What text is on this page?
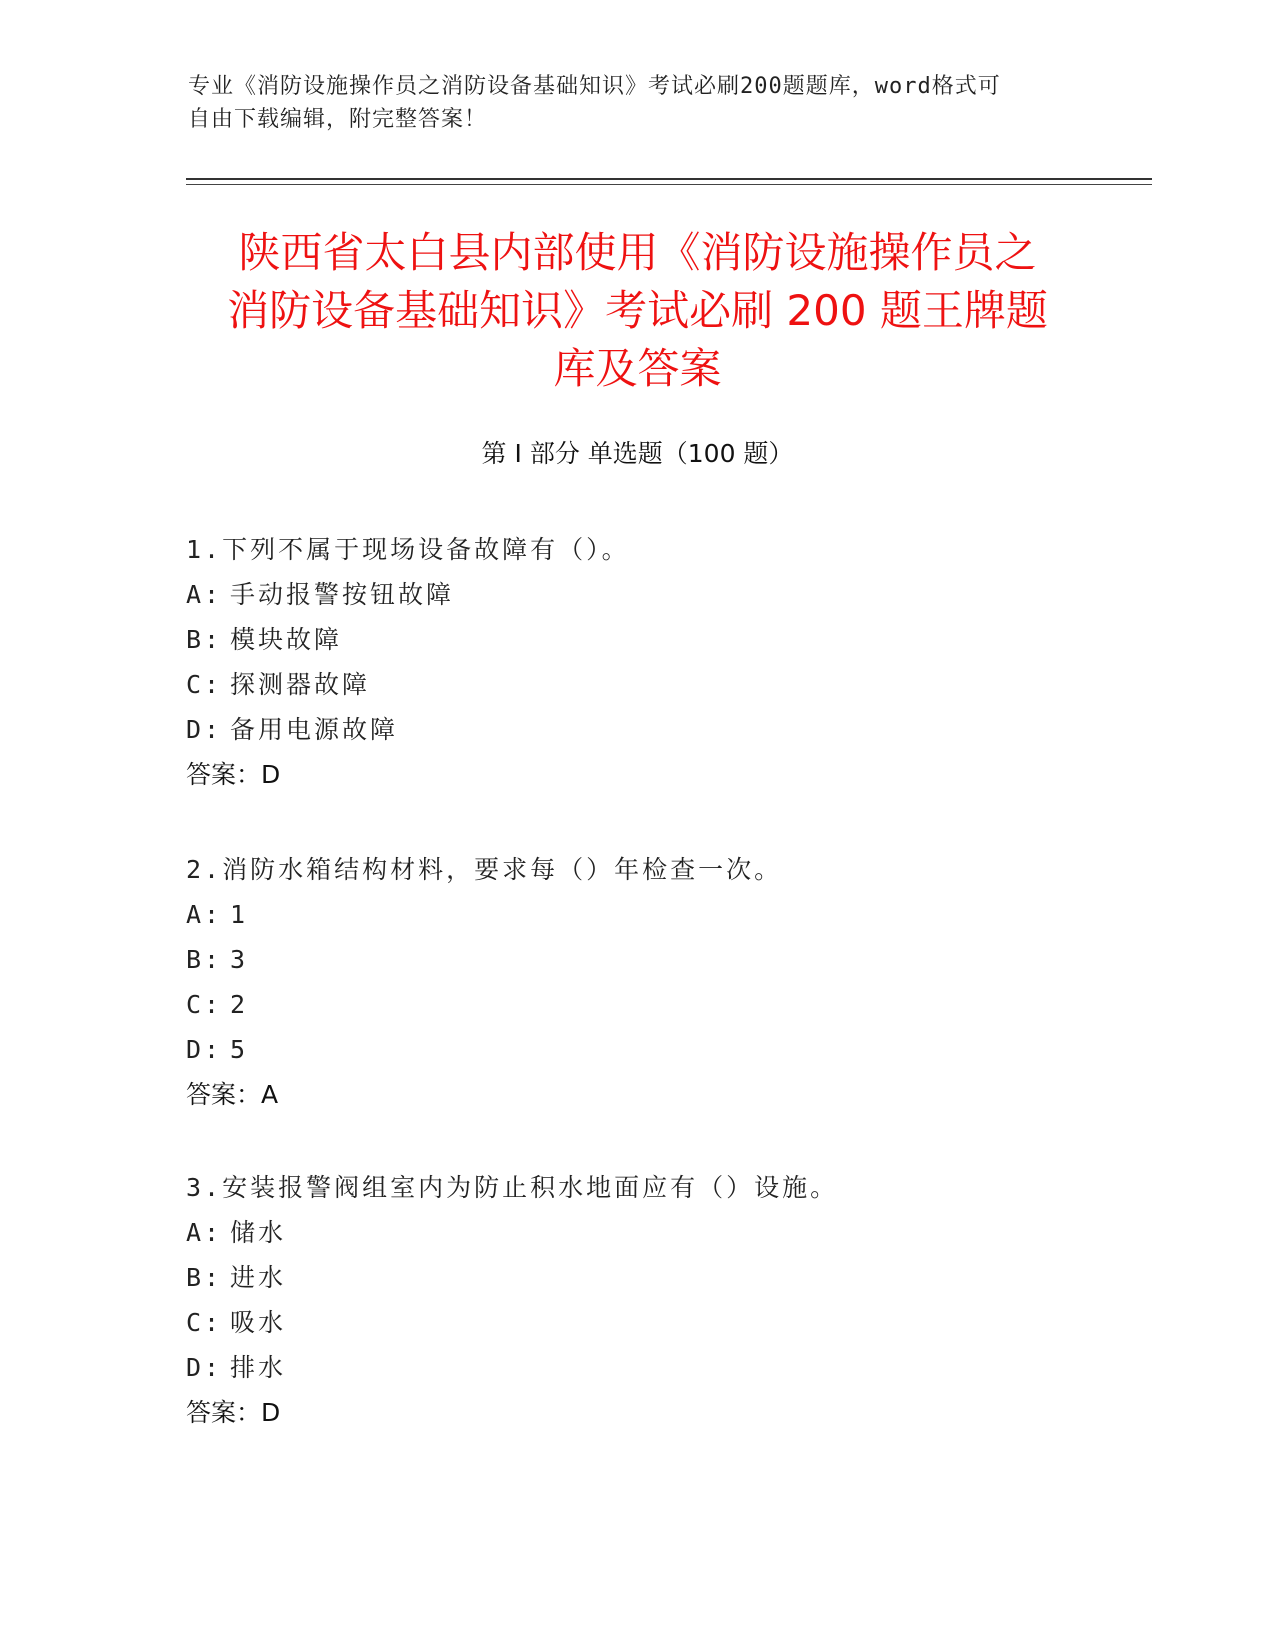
专业《消防设施操作员之消防设备基础知识》考试必刷200题题库，word格式可
自由下载编辑，附完整答案！
陕西省太白县内部使用《消防设施操作员之
消防设备基础知识》考试必刷 200 题王牌题
库及答案
第 I 部分 单选题（100 题）
1.下列不属于现场设备故障有（）。
A: 手动报警按钮故障
B: 模块故障
C: 探测器故障
D: 备用电源故障
答案：D
2.消防水箱结构材料，要求每（）年检查一次。
A: 1
B: 3
C: 2
D: 5
答案：A
3.安装报警阀组室内为防止积水地面应有（）设施。
A: 储水
B: 进水
C: 吸水
D: 排水
答案：D
